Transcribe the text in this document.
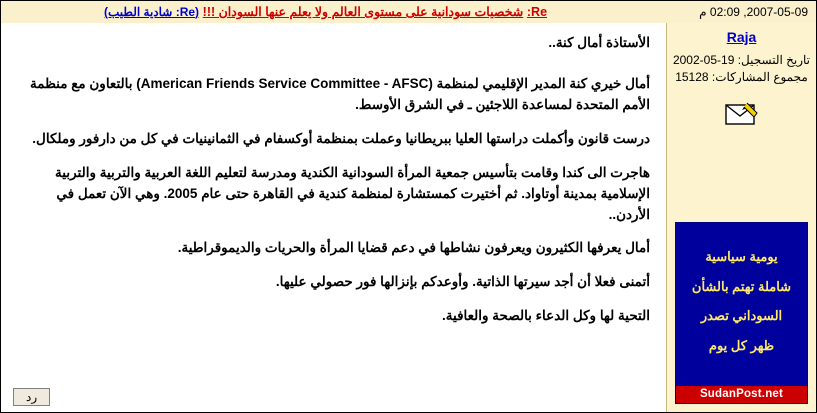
2007-05-09, 02:09 م
Re: شخصيات سودانية على مستوى العالم ولا يعلم عنها السودان !!! (Re: شادية الطيب)
Raja
تاريخ التسجيل: 19-05-2002
مجموع المشاركات: 15128
يومية سياسية
شاملة تهتم بالشأن
السوداني تصدر
ظهر كل يوم
SudanPost.net

الأستاذة أمال كنة..

أمال خيري كنة المدير الإقليمي لمنظمة (American Friends Service Committee - AFSC) بالتعاون مع منظمة الأمم المتحدة لمساعدة اللاجئين ـ في الشرق الأوسط.

درست قانون وأكملت دراستها العليا ببريطانيا وعملت بمنظمة أوكسفام في الثمانينيات في كل من دارفور وملكال.

هاجرت الى كندا وقامت بتأسيس جمعية المرأة السودانية الكندية ومدرسة لتعليم اللغة العربية والتربية والتربية الإسلامية بمدينة أوتاواد. ثم أختيرت كمستشارة لمنظمة كندية في القاهرة حتى عام 2005. وهي الآن تعمل في الأردن..

أمال يعرفها الكثيرون ويعرفون نشاطها في دعم قضايا المرأة والحريات والديموقراطية.

أتمنى فعلا أن أجد سيرتها الذاتية. وأوعدكم بإنزالها فور حصولي عليها.

التحية لها وكل الدعاء بالصحة والعافية.

رد
